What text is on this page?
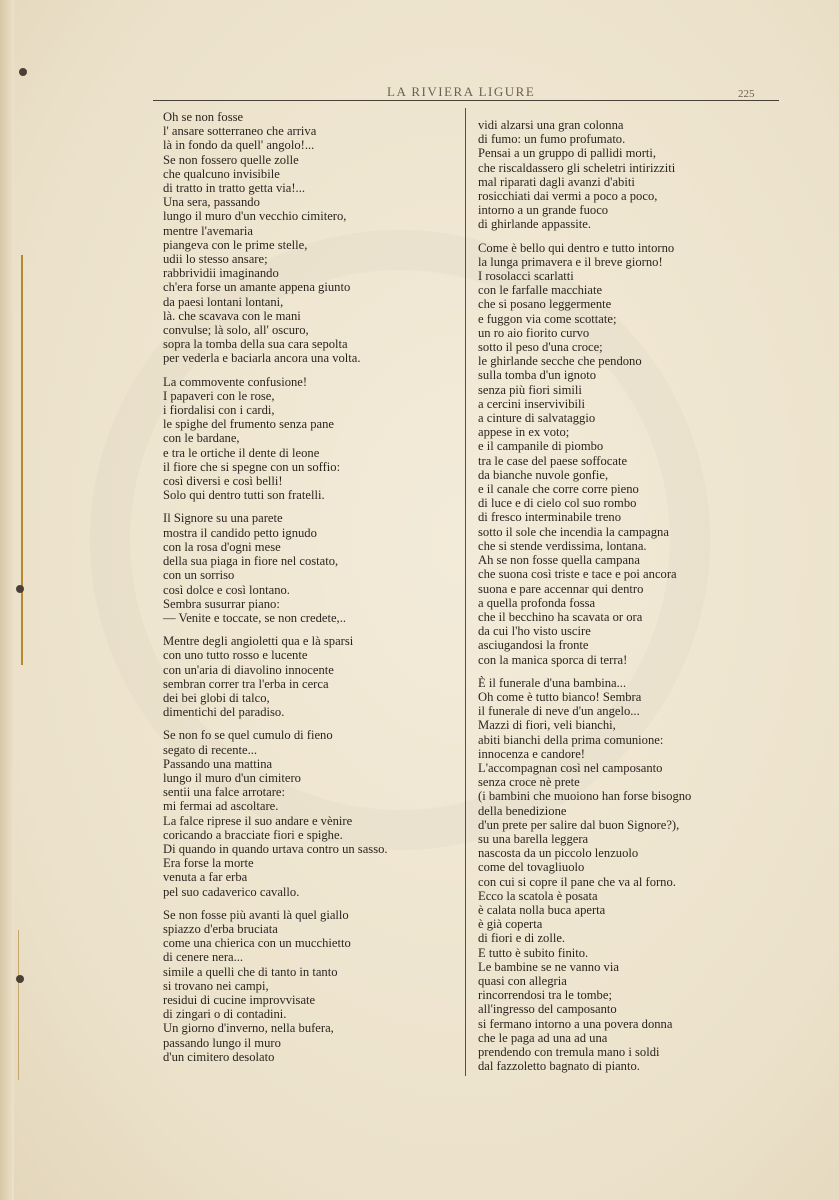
LA RIVIERA LIGURE	225
Oh se non fosse
l' ansare sotterraneo che arriva
là in fondo da quell' angolo!...
Se non fossero quelle zolle
che qualcuno invisibile
di tratto in tratto getta via!...
Una sera, passando
lungo il muro d'un vecchio cimitero,
mentre l'avemaria
piangeva con le prime stelle,
udii lo stesso ansare;
rabbrividii imaginando
ch'era forse un amante appena giunto
da paesi lontani lontani,
là. che scavava con le mani
convulse; là solo, all' oscuro,
sopra la tomba della sua cara sepolta
per vederla e baciarla ancora una volta.
La commovente confusione!
I papaveri con le rose,
i fiordalisi con i cardi,
le spighe del frumento senza pane
con le bardane,
e tra le ortiche il dente di leone
il fiore che si spegne con un soffio:
così diversi e così belli!
Solo qui dentro tutti son fratelli.
Il Signore su una parete
mostra il candido petto ignudo
con la rosa d'ogni mese
della sua piaga in fiore nel costato,
con un sorriso
così dolce e così lontano.
Sembra susurrar piano:
— Venite e toccate, se non credete,..
Mentre degli angioletti qua e là sparsi
con uno tutto rosso e lucente
con un'aria di diavolino innocente
sembran correr tra l'erba in cerca
dei bei globi di talco,
dimentichi del paradiso.
Se non fo se quel cumulo di fieno
segato di recente...
Passando una mattina
lungo il muro d'un cimitero
sentii una falce arrotare:
mi fermai ad ascoltare.
La falce riprese il suo andare e vènire
coricando a bracciate fiori e spighe.
Di quando in quando urtava contro un sasso.
Era forse la morte
venuta a far erba
pel suo cadaverico cavallo.
Se non fosse più avanti là quel giallo
spiazzo d'erba bruciata
come una chierica con un mucchietto
di cenere nera...
simile a quelli che di tanto in tanto
si trovano nei campi,
residui di cucine improvvisate
di zingari o di contadini.
Un giorno d'inverno, nella bufera,
passando lungo il muro
d'un cimitero desolato
vidi alzarsi una gran colonna
di fumo: un fumo profumato.
Pensai a un gruppo di pallidi morti,
che riscaldassero gli scheletri intirizziti
mal riparati dagli avanzi d'abiti
rosicchiati dai vermi a poco a poco,
intorno a un grande fuoco
di ghirlande appassite.
Come è bello qui dentro e tutto intorno
la lunga primavera e il breve giorno!
I rosolacci scarlatti
con le farfalle macchiate
che si posano leggermente
e fuggon via come scottate;
un ro aio fiorito curvo
sotto il peso d'una croce;
le ghirlande secche che pendono
sulla tomba d'un ignoto
senza più fiori simili
a cercini inservivibili
a cinture di salvataggio
appese in ex voto;
e il campanile di piombo
tra le case del paese soffocate
da bianche nuvole gonfie,
e il canale che corre corre pieno
di luce e di cielo col suo rombo
di fresco interminabile treno
sotto il sole che incendia la campagna
che si stende verdissima, lontana.
Ah se non fosse quella campana
che suona così triste e tace e poi ancora
suona e pare accennar qui dentro
a quella profonda fossa
che il becchino ha scavata or ora
da cui l'ho visto uscire
asciugandosi la fronte
con la manica sporca di terra!
È il funerale d'una bambina...
Oh come è tutto bianco! Sembra
il funerale di neve d'un angelo...
Mazzi di fiori, veli bianchi,
abiti bianchi della prima comunione:
innocenza e candore!
L'accompagnan così nel camposanto
senza croce nè prete
(i bambini che muoiono han forse bisogno
della benedizione
d'un prete per salire dal buon Signore?),
su una barella leggera
nascosta da un piccolo lenzuolo
come del tovagliuolo
con cui si copre il pane che va al forno.
Ecco la scatola è posata
è calata nolla buca aperta
è già coperta
di fiori e di zolle.
E tutto è subito finito.
Le bambine se ne vanno via
quasi con allegria
rincorrendosi tra le tombe;
all'ingresso del camposanto
si fermano intorno a una povera donna
che le paga ad una ad una
prendendo con tremula mano i soldi
dal fazzoletto bagnato di pianto.
